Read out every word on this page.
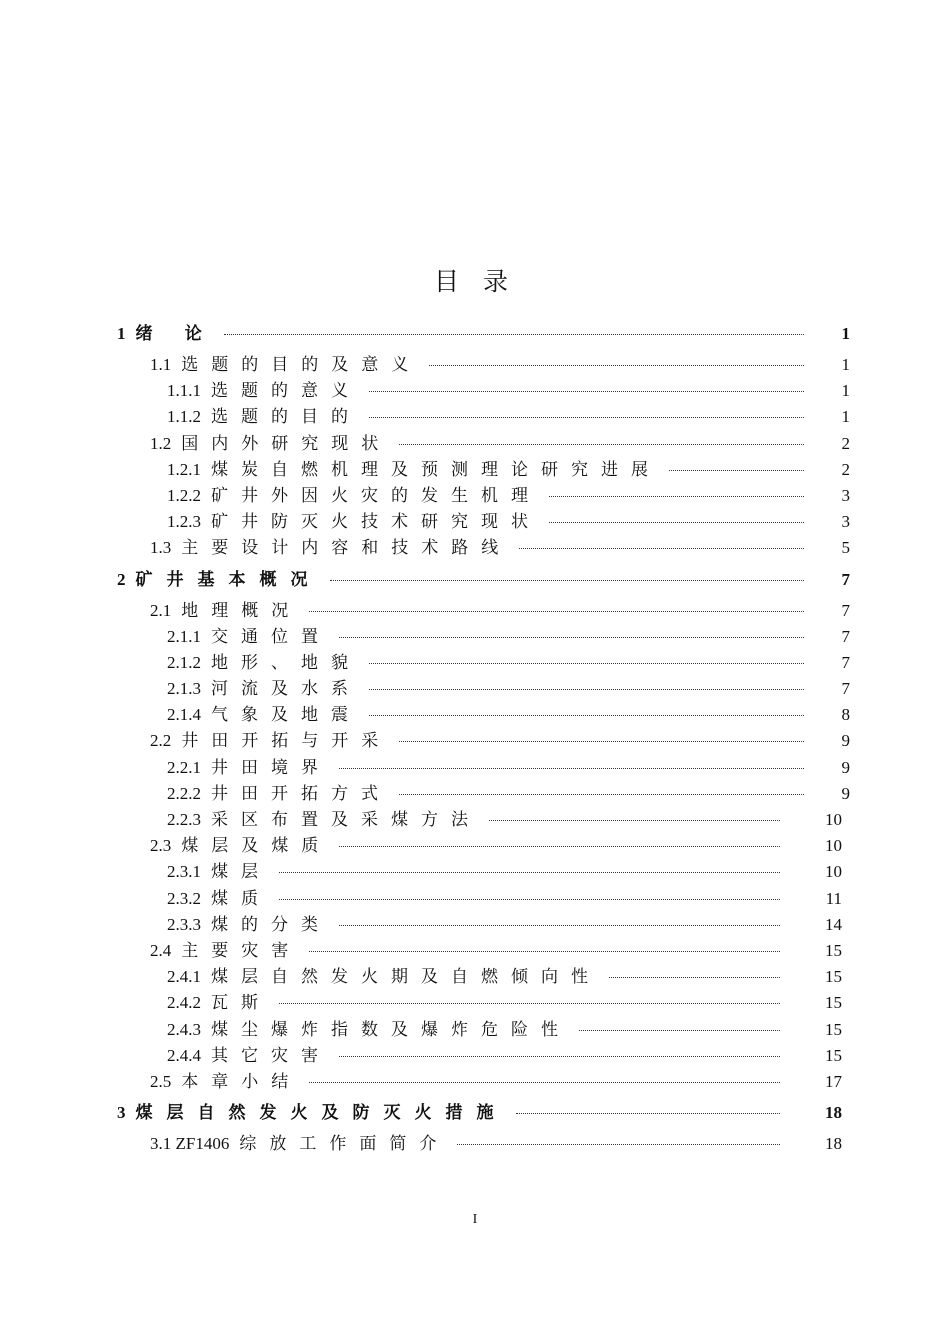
目 录
1 绪 论	1
1.1 选题的目的及意义	1
1.1.1 选题的意义	1
1.1.2 选题的目的	1
1.2 国内外研究现状	2
1.2.1 煤炭自燃机理及预测理论研究进展	2
1.2.2 矿井外因火灾的发生机理	3
1.2.3 矿井防灭火技术研究现状	3
1.3 主要设计内容和技术路线	5
2 矿井基本概况	7
2.1 地理概况	7
2.1.1 交通位置	7
2.1.2 地形、地貌	7
2.1.3 河流及水系	7
2.1.4 气象及地震	8
2.2 井田开拓与开采	9
2.2.1 井田境界	9
2.2.2 井田开拓方式	9
2.2.3 采区布置及采煤方法	10
2.3 煤层及煤质	10
2.3.1 煤层	10
2.3.2 煤质	11
2.3.3 煤的分类	14
2.4 主要灾害	15
2.4.1 煤层自然发火期及自燃倾向性	15
2.4.2 瓦斯	15
2.4.3 煤尘爆炸指数及爆炸危险性	15
2.4.4 其它灾害	15
2.5 本章小结	17
3 煤层自然发火及防灭火措施	18
3.1 ZF1406 综放工作面简介	18
I
